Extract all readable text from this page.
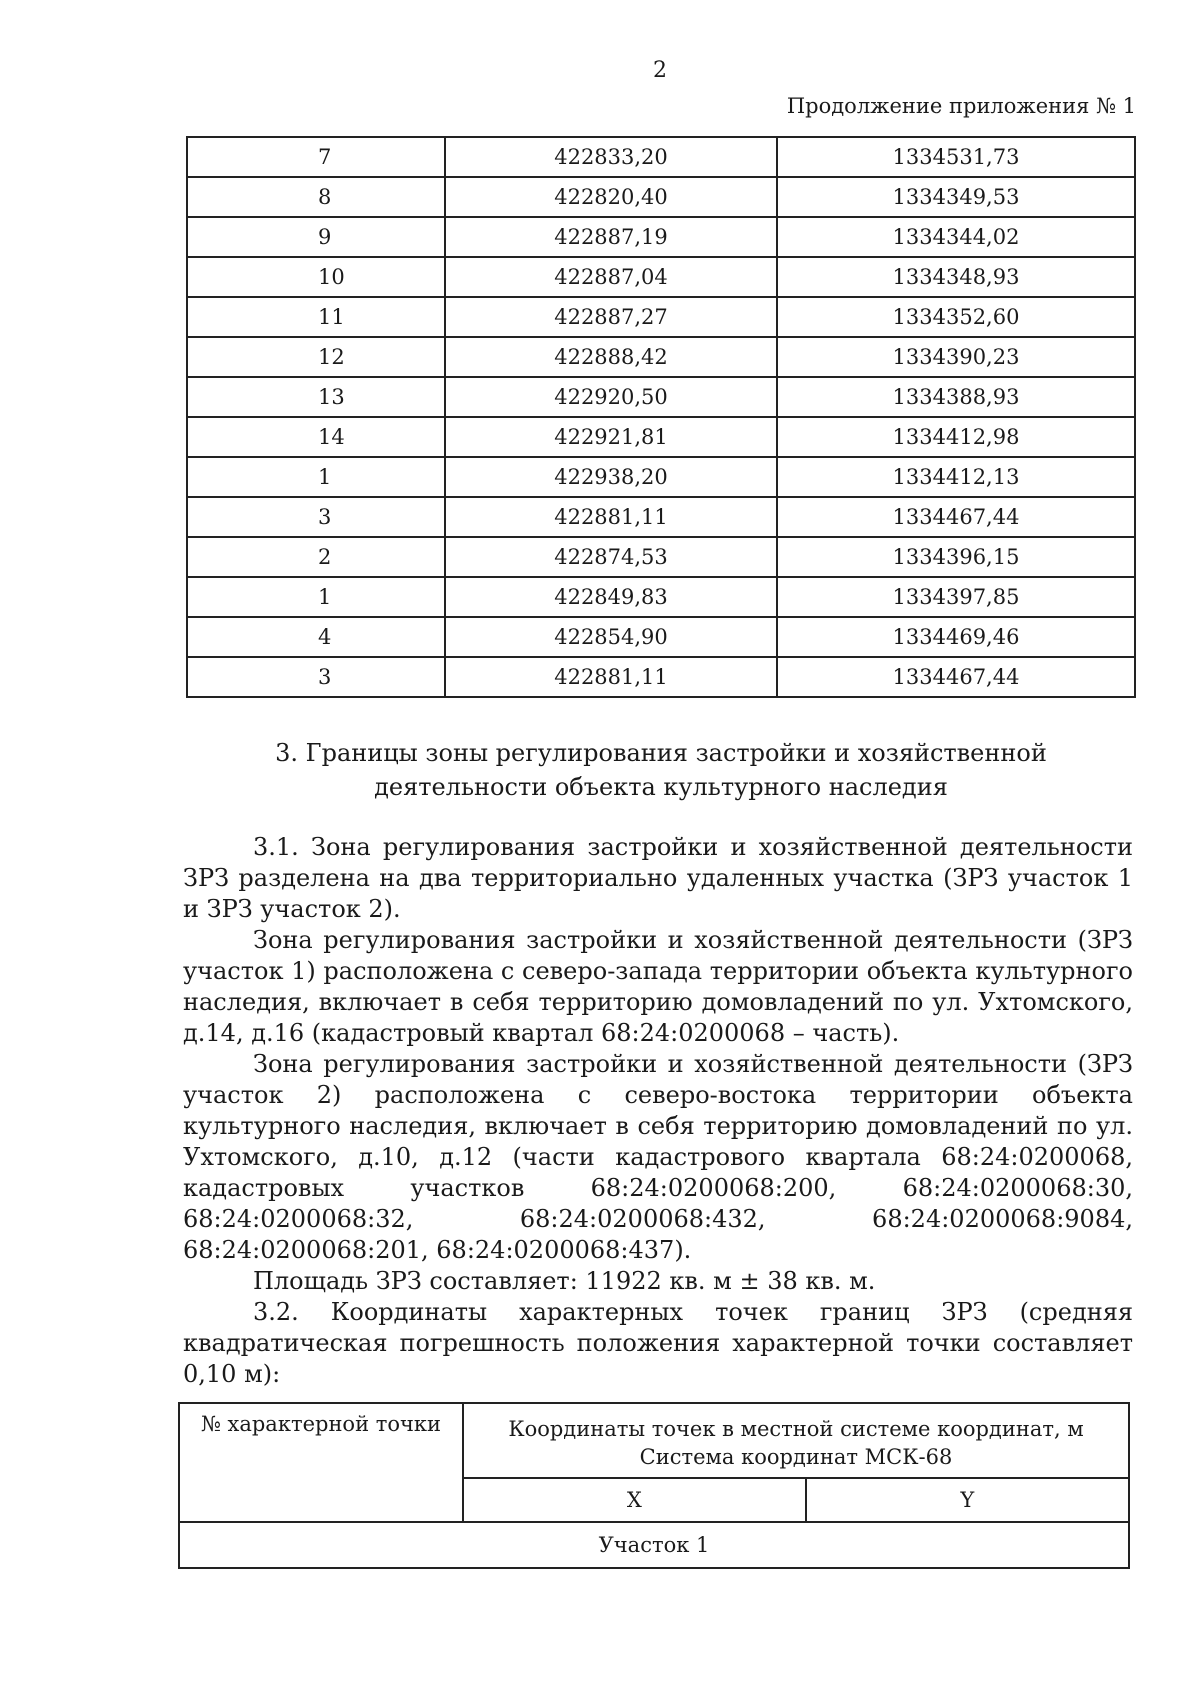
2
Продолжение приложения № 1
7	422833,20	1334531,73
8	422820,40	1334349,53
9	422887,19	1334344,02
10	422887,04	1334348,93
11	422887,27	1334352,60
12	422888,42	1334390,23
13	422920,50	1334388,93
14	422921,81	1334412,98
1	422938,20	1334412,13
3	422881,11	1334467,44
2	422874,53	1334396,15
1	422849,83	1334397,85
4	422854,90	1334469,46
3	422881,11	1334467,44
3. Границы зоны регулирования застройки и хозяйственной деятельности объекта культурного наследия

3.1. Зона регулирования застройки и хозяйственной деятельности ЗРЗ разделена на два территориально удаленных участка (ЗРЗ участок 1 и ЗРЗ участок 2).

Зона регулирования застройки и хозяйственной деятельности (ЗРЗ участок 1) расположена с северо-запада территории объекта культурного наследия, включает в себя территорию домовладений по ул. Ухтомского, д.14, д.16 (кадастровый квартал 68:24:0200068 – часть).

Зона регулирования застройки и хозяйственной деятельности (ЗРЗ участок 2) расположена с северо-востока территории объекта культурного наследия, включает в себя территорию домовладений по ул. Ухтомского, д.10, д.12 (части кадастрового квартала 68:24:0200068, кадастровых участков 68:24:0200068:200, 68:24:0200068:30, 68:24:0200068:32, 68:24:0200068:432, 68:24:0200068:9084, 68:24:0200068:201, 68:24:0200068:437).

Площадь ЗРЗ составляет: 11922 кв. м ± 38 кв. м.

3.2. Координаты характерных точек границ ЗРЗ (средняя квадратическая погрешность положения характерной точки составляет 0,10 м):

№ характерной точки	Координаты точек в местной системе координат, м
Система координат МСК-68	
	X	Y
Участок 1		
